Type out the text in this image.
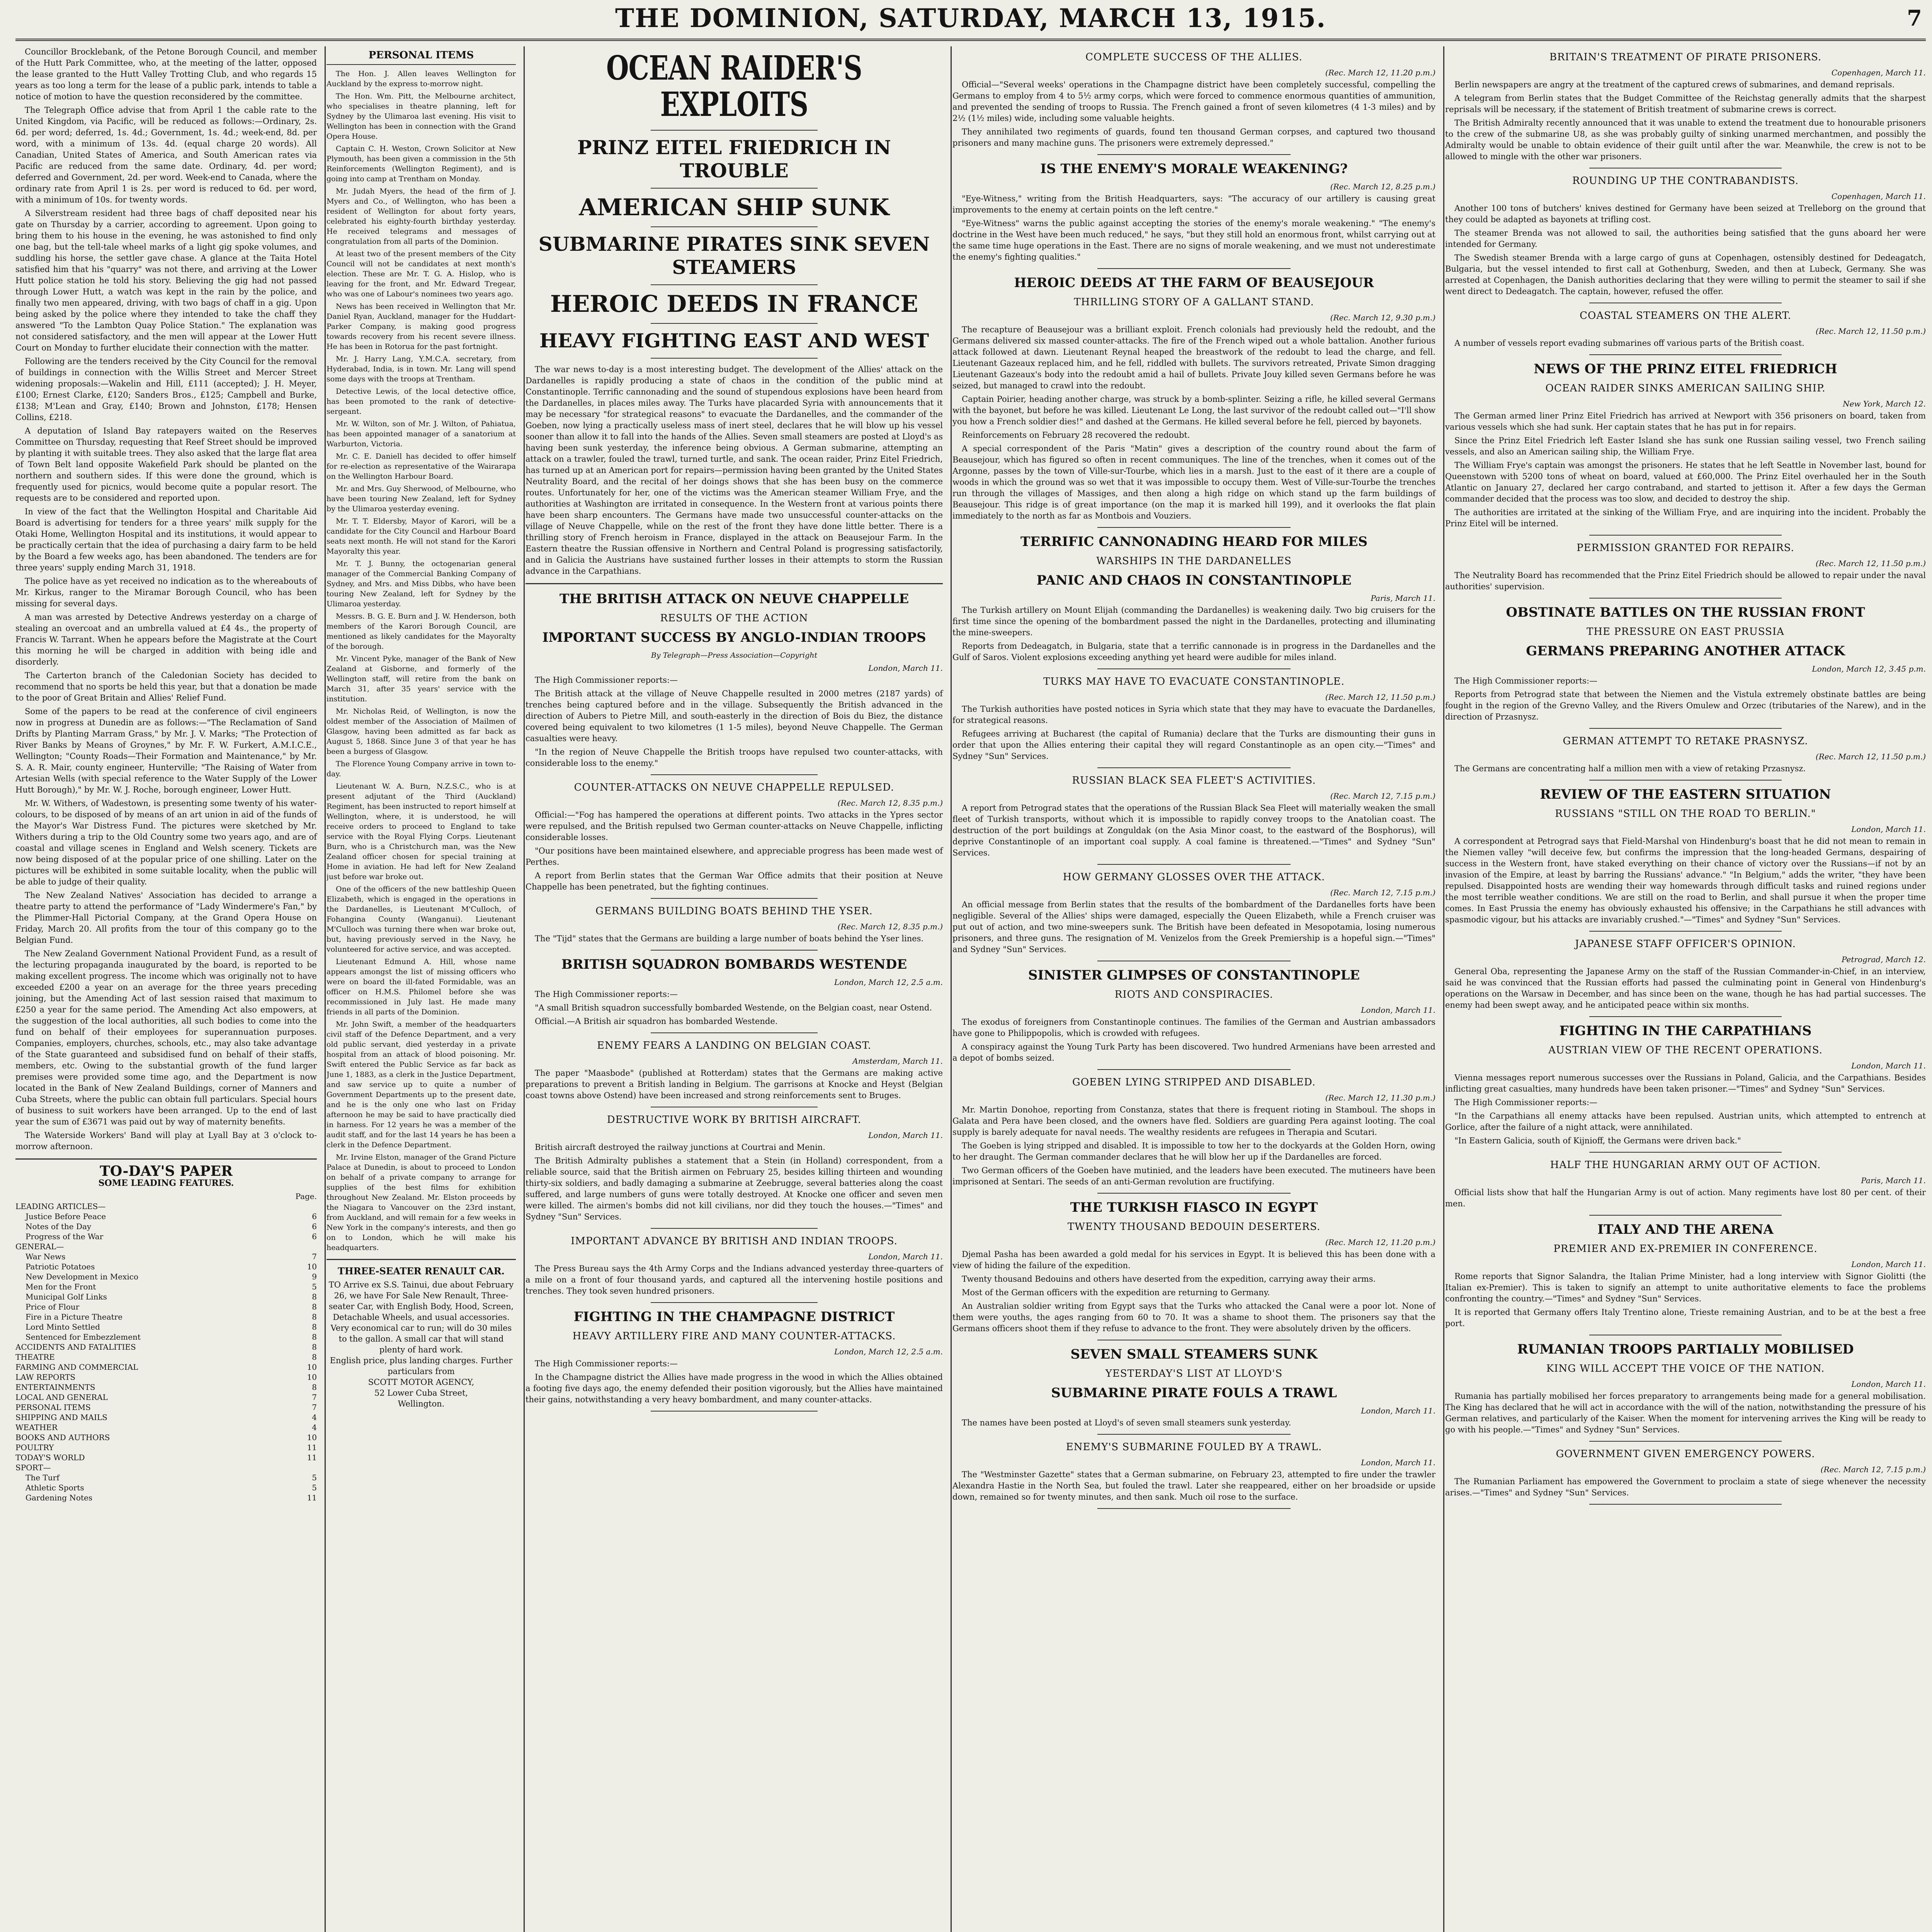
THE DOMINION, SATURDAY, MARCH 13, 1915.	7

Councillor Brocklebank, of the Petone Borough Council, and member of the Hutt Park Committee, who, at the meeting of the latter, opposed the lease granted to the Hutt Valley Trotting Club, and who regards 15 years as too long a term for the lease of a public park, intends to table a notice of motion to have the question reconsidered by the committee.

The Telegraph Office advise that from April 1 the cable rate to the United Kingdom, via Pacific, will be reduced as follows:—Ordinary, 2s. 6d. per word; deferred, 1s. 4d.; Government, 1s. 4d.; week-end, 8d. per word, with a minimum of 13s. 4d. (equal charge 20 words). All Canadian, United States of America, and South American rates via Pacific are reduced from the same date. Ordinary, 4d. per word; deferred and Government, 2d. per word. Week-end to Canada, where the ordinary rate from April 1 is 2s. per word is reduced to 6d. per word, with a minimum of 10s. for twenty words.

A Silverstream resident had three bags of chaff deposited near his gate on Thursday by a carrier, according to agreement. Upon going to bring them to his house in the evening, he was astonished to find only one bag, but the tell-tale wheel marks of a light gig spoke volumes, and suddling his horse, the settler gave chase. A glance at the Taita Hotel satisfied him that his "quarry" was not there, and arriving at the Lower Hutt police station he told his story. Believing the gig had not passed through Lower Hutt, a watch was kept in the rain by the police, and finally two men appeared, driving, with two bags of chaff in a gig. Upon being asked by the police where they intended to take the chaff they answered "To the Lambton Quay Police Station." The explanation was not considered satisfactory, and the men will appear at the Lower Hutt Court on Monday to further elucidate their connection with the matter.

Following are the tenders received by the City Council for the removal of buildings in connection with the Willis Street and Mercer Street widening proposals:—Wakelin and Hill, £111 (accepted); J. H. Meyer, £100; Ernest Clarke, £120; Sanders Bros., £125; Campbell and Burke, £138; M'Lean and Gray, £140; Brown and Johnston, £178; Hensen Collins, £218.

A deputation of Island Bay ratepayers waited on the Reserves Committee on Thursday, requesting that Reef Street should be improved by planting it with suitable trees. They also asked that the large flat area of Town Belt land opposite Wakefield Park should be planted on the northern and southern sides. If this were done the ground, which is frequently used for picnics, would become quite a popular resort. The requests are to be considered and reported upon.

In view of the fact that the Wellington Hospital and Charitable Aid Board is advertising for tenders for a three years' milk supply for the Otaki Home, Wellington Hospital and its institutions, it would appear to be practically certain that the idea of purchasing a dairy farm to be held by the Board a few weeks ago, has been abandoned. The tenders are for three years' supply ending March 31, 1918.

The police have as yet received no indication as to the whereabouts of Mr. Kirkus, ranger to the Miramar Borough Council, who has been missing for several days.

A man was arrested by Detective Andrews yesterday on a charge of stealing an overcoat and an umbrella valued at £4 4s., the property of Francis W. Tarrant. When he appears before the Magistrate at the Court this morning he will be charged in addition with being idle and disorderly.

The Carterton branch of the Caledonian Society has decided to recommend that no sports be held this year, but that a donation be made to the poor of Great Britain and Allies' Relief Fund.

Some of the papers to be read at the conference of civil engineers now in progress at Dunedin are as follows:—"The Reclamation of Sand Drifts by Planting Marram Grass," by Mr. J. V. Marks; "The Protection of River Banks by Means of Groynes," by Mr. F. W. Furkert, A.M.I.C.E., Wellington; "County Roads—Their Formation and Maintenance," by Mr. S. A. R. Mair, county engineer, Hunterville; "The Raising of Water from Artesian Wells (with special reference to the Water Supply of the Lower Hutt Borough)," by Mr. W. J. Roche, borough engineer, Lower Hutt.

Mr. W. Withers, of Wadestown, is presenting some twenty of his water-colours, to be disposed of by means of an art union in aid of the funds of the Mayor's War Distress Fund. The pictures were sketched by Mr. Withers during a trip to the Old Country some two years ago, and are of coastal and village scenes in England and Welsh scenery. Tickets are now being disposed of at the popular price of one shilling. Later on the pictures will be exhibited in some suitable locality, when the public will be able to judge of their quality.

The New Zealand Natives' Association has decided to arrange a theatre party to attend the performance of "Lady Windermere's Fan," by the Plimmer-Hall Pictorial Company, at the Grand Opera House on Friday, March 20. All profits from the tour of this company go to the Belgian Fund.

The New Zealand Government National Provident Fund, as a result of the lecturing propaganda inaugurated by the board, is reported to be making excellent progress. The income which was originally not to have exceeded £200 a year on an average for the three years preceding joining, but the Amending Act of last session raised that maximum to £250 a year for the same period. The Amending Act also empowers, at the suggestion of the local authorities, all such bodies to come into the fund on behalf of their employees for superannuation purposes. Companies, employers, churches, schools, etc., may also take advantage of the State guaranteed and subsidised fund on behalf of their staffs, members, etc. Owing to the substantial growth of the fund larger premises were provided some time ago, and the Department is now located in the Bank of New Zealand Buildings, corner of Manners and Cuba Streets, where the public can obtain full particulars. Special hours of business to suit workers have been arranged. Up to the end of last year the sum of £3671 was paid out by way of maternity benefits.

The Waterside Workers' Band will play at Lyall Bay at 3 o'clock to-morrow afternoon.

TO-DAY'S PAPER
SOME LEADING FEATURES.
Page.
LEADING ARTICLES—
Justice Before Peace	6
Notes of the Day	6
Progress of the War	6
GENERAL—
War News	7
Patriotic Potatoes	10
New Development in Mexico	9
Men for the Front	5
Municipal Golf Links	8
Price of Flour	8
Fire in a Picture Theatre	8
Lord Minto Settled	8
Sentenced for Embezzlement	8
ACCIDENTS AND FATALITIES	8
THEATRE	8
FARMING AND COMMERCIAL	10
LAW REPORTS	10
ENTERTAINMENTS	8
LOCAL AND GENERAL	7
PERSONAL ITEMS	7
SHIPPING AND MAILS	4
WEATHER	4
BOOKS AND AUTHORS	10
POULTRY	11
TODAY'S WORLD	11
SPORT—
The Turf	5
Athletic Sports	5
Gardening Notes	11
PERSONAL ITEMS

The Hon. J. Allen leaves Wellington for Auckland by the express to-morrow night.

The Hon. Wm. Pitt, the Melbourne architect, who specialises in theatre planning, left for Sydney by the Ulimaroa last evening. His visit to Wellington has been in connection with the Grand Opera House.

Captain C. H. Weston, Crown Solicitor at New Plymouth, has been given a commission in the 5th Reinforcements (Wellington Regiment), and is going into camp at Trentham on Monday.

Mr. Judah Myers, the head of the firm of J. Myers and Co., of Wellington, who has been a resident of Wellington for about forty years, celebrated his eighty-fourth birthday yesterday. He received telegrams and messages of congratulation from all parts of the Dominion.

At least two of the present members of the City Council will not be candidates at next month's election. These are Mr. T. G. A. Hislop, who is leaving for the front, and Mr. Edward Tregear, who was one of Labour's nominees two years ago.

News has been received in Wellington that Mr. Daniel Ryan, Auckland, manager for the Huddart-Parker Company, is making good progress towards recovery from his recent severe illness. He has been in Rotorua for the past fortnight.

Mr. J. Harry Lang, Y.M.C.A. secretary, from Hyderabad, India, is in town. Mr. Lang will spend some days with the troops at Trentham.

Detective Lewis, of the local detective office, has been promoted to the rank of detective-sergeant.

Mr. W. Wilton, son of Mr. J. Wilton, of Pahiatua, has been appointed manager of a sanatorium at Warburton, Victoria.

Mr. C. E. Daniell has decided to offer himself for re-election as representative of the Wairarapa on the Wellington Harbour Board.

Mr. and Mrs. Guy Sherwood, of Melbourne, who have been touring New Zealand, left for Sydney by the Ulimaroa yesterday evening.

Mr. T. T. Eldersby, Mayor of Karori, will be a candidate for the City Council and Harbour Board seats next month. He will not stand for the Karori Mayoralty this year.

Mr. T. J. Bunny, the octogenarian general manager of the Commercial Banking Company of Sydney, and Mrs. and Miss Dibbs, who have been touring New Zealand, left for Sydney by the Ulimaroa yesterday.

Messrs. B. G. E. Burn and J. W. Henderson, both members of the Karori Borough Council, are mentioned as likely candidates for the Mayoralty of the borough.

Mr. Vincent Pyke, manager of the Bank of New Zealand at Gisborne, and formerly of the Wellington staff, will retire from the bank on March 31, after 35 years' service with the institution.

Mr. Nicholas Reid, of Wellington, is now the oldest member of the Association of Mailmen of Glasgow, having been admitted as far back as August 5, 1868. Since June 3 of that year he has been a burgess of Glasgow.

The Florence Young Company arrive in town to-day.

Lieutenant W. A. Burn, N.Z.S.C., who is at present adjutant of the Third (Auckland) Regiment, has been instructed to report himself at Wellington, where, it is understood, he will receive orders to proceed to England to take service with the Royal Flying Corps. Lieutenant Burn, who is a Christchurch man, was the New Zealand officer chosen for special training at Home in aviation. He had left for New Zealand just before war broke out.

One of the officers of the new battleship Queen Elizabeth, which is engaged in the operations in the Dardanelles, is Lieutenant M'Culloch, of Fohangina County (Wanganui). Lieutenant M'Culloch was turning there when war broke out, but, having previously served in the Navy, he volunteered for active service, and was accepted.

Lieutenant Edmund A. Hill, whose name appears amongst the list of missing officers who were on board the ill-fated Formidable, was an officer on H.M.S. Philomel before she was recommissioned in July last. He made many friends in all parts of the Dominion.

Mr. John Swift, a member of the headquarters civil staff of the Defence Department, and a very old public servant, died yesterday in a private hospital from an attack of blood poisoning. Mr. Swift entered the Public Service as far back as June 1, 1883, as a clerk in the Justice Department, and saw service up to quite a number of Government Departments up to the present date, and he is the only one who last on Friday afternoon he may be said to have practically died in harness. For 12 years he was a member of the audit staff, and for the last 14 years he has been a clerk in the Defence Department.

Mr. Irvine Elston, manager of the Grand Picture Palace at Dunedin, is about to proceed to London on behalf of a private company to arrange for supplies of the best films for exhibition throughout New Zealand. Mr. Elston proceeds by the Niagara to Vancouver on the 23rd instant, from Auckland, and will remain for a few weeks in New York in the company's interests, and then go on to London, which he will make his headquarters.

THREE-SEATER RENAULT CAR.
TO Arrive ex S.S. Tainui, due about February 26, we have For Sale New Renault, Three-seater Car, with English Body, Hood, Screen, Detachable Wheels, and usual accessories.
Very economical car to run; will do 30 miles to the gallon. A small car that will stand plenty of hard work.
English price, plus landing charges. Further particulars from
SCOTT MOTOR AGENCY,
52 Lower Cuba Street,
Wellington.
OCEAN RAIDER'S EXPLOITS
PRINZ EITEL FRIEDRICH IN TROUBLE
AMERICAN SHIP SUNK
SUBMARINE PIRATES SINK SEVEN STEAMERS
HEROIC DEEDS IN FRANCE
HEAVY FIGHTING EAST AND WEST

The war news to-day is a most interesting budget. The development of the Allies' attack on the Dardanelles is rapidly producing a state of chaos in the condition of the public mind at Constantinople. Terrific cannonading and the sound of stupendous explosions have been heard from the Dardanelles, in places miles away. The Turks have placarded Syria with announcements that it may be necessary "for strategical reasons" to evacuate the Dardanelles, and the commander of the Goeben, now lying a practically useless mass of inert steel, declares that he will blow up his vessel sooner than allow it to fall into the hands of the Allies. Seven small steamers are posted at Lloyd's as having been sunk yesterday, the inference being obvious. A German submarine, attempting an attack on a trawler, fouled the trawl, turned turtle, and sank. The ocean raider, Prinz Eitel Friedrich, has turned up at an American port for repairs—permission having been granted by the United States Neutrality Board, and the recital of her doings shows that she has been busy on the commerce routes. Unfortunately for her, one of the victims was the American steamer William Frye, and the authorities at Washington are irritated in consequence. In the Western front at various points there have been sharp encounters. The Germans have made two unsuccessful counter-attacks on the village of Neuve Chappelle, while on the rest of the front they have done little better. There is a thrilling story of French heroism in France, displayed in the attack on Beausejour Farm. In the Eastern theatre the Russian offensive in Northern and Central Poland is progressing satisfactorily, and in Galicia the Austrians have sustained further losses in their attempts to storm the Russian advance in the Carpathians.

THE BRITISH ATTACK ON NEUVE CHAPPELLE
RESULTS OF THE ACTION
IMPORTANT SUCCESS BY ANGLO-INDIAN TROOPS
By Telegraph—Press Association—Copyright
London, March 11.

The High Commissioner reports:—

The British attack at the village of Neuve Chappelle resulted in 2000 metres (2187 yards) of trenches being captured before and in the village. Subsequently the British advanced in the direction of Aubers to Pietre Mill, and south-easterly in the direction of Bois du Biez, the distance covered being equivalent to two kilometres (1 1-5 miles), beyond Neuve Chappelle. The German casualties were heavy.

"In the region of Neuve Chappelle the British troops have repulsed two counter-attacks, with considerable loss to the enemy."

COUNTER-ATTACKS ON NEUVE CHAPPELLE REPULSED.
(Rec. March 12, 8.35 p.m.)

Official:—"Fog has hampered the operations at different points. Two attacks in the Ypres sector were repulsed, and the British repulsed two German counter-attacks on Neuve Chappelle, inflicting considerable losses.

"Our positions have been maintained elsewhere, and appreciable progress has been made west of Perthes.

A report from Berlin states that the German War Office admits that their position at Neuve Chappelle has been penetrated, but the fighting continues.

GERMANS BUILDING BOATS BEHIND THE YSER.
(Rec. March 12, 8.35 p.m.)

The "Tijd" states that the Germans are building a large number of boats behind the Yser lines.

BRITISH SQUADRON BOMBARDS WESTENDE
London, March 12, 2.5 a.m.

The High Commissioner reports:—

"A small British squadron successfully bombarded Westende, on the Belgian coast, near Ostend.

Official.—A British air squadron has bombarded Westende.

ENEMY FEARS A LANDING ON BELGIAN COAST.
Amsterdam, March 11.

The paper "Maasbode" (published at Rotterdam) states that the Germans are making active preparations to prevent a British landing in Belgium. The garrisons at Knocke and Heyst (Belgian coast towns above Ostend) have been increased and strong reinforcements sent to Bruges.

DESTRUCTIVE WORK BY BRITISH AIRCRAFT.
London, March 11.

British aircraft destroyed the railway junctions at Courtrai and Menin.

The British Admiralty publishes a statement that a Stein (in Holland) correspondent, from a reliable source, said that the British airmen on February 25, besides killing thirteen and wounding thirty-six soldiers, and badly damaging a submarine at Zeebrugge, several batteries along the coast suffered, and large numbers of guns were totally destroyed. At Knocke one officer and seven men were killed. The airmen's bombs did not kill civilians, nor did they touch the houses.—"Times" and Sydney "Sun" Services.

IMPORTANT ADVANCE BY BRITISH AND INDIAN TROOPS.
London, March 11.

The Press Bureau says the 4th Army Corps and the Indians advanced yesterday three-quarters of a mile on a front of four thousand yards, and captured all the intervening hostile positions and trenches. They took seven hundred prisoners.

FIGHTING IN THE CHAMPAGNE DISTRICT
HEAVY ARTILLERY FIRE AND MANY COUNTER-ATTACKS.
London, March 12, 2.5 a.m.

The High Commissioner reports:—

In the Champagne district the Allies have made progress in the wood in which the Allies obtained a footing five days ago, the enemy defended their position vigorously, but the Allies have maintained their gains, notwithstanding a very heavy bombardment, and many counter-attacks.

COMPLETE SUCCESS OF THE ALLIES.
(Rec. March 12, 11.20 p.m.)

Official—"Several weeks' operations in the Champagne district have been completely successful, compelling the Germans to employ from 4 to 5½ army corps, which were forced to commence enormous quantities of ammunition, and prevented the sending of troops to Russia. The French gained a front of seven kilometres (4 1-3 miles) and by 2½ (1½ miles) wide, including some valuable heights.

They annihilated two regiments of guards, found ten thousand German corpses, and captured two thousand prisoners and many machine guns. The prisoners were extremely depressed."

IS THE ENEMY'S MORALE WEAKENING?
(Rec. March 12, 8.25 p.m.)

"Eye-Witness," writing from the British Headquarters, says: "The accuracy of our artillery is causing great improvements to the enemy at certain points on the left centre."

"Eye-Witness" warns the public against accepting the stories of the enemy's morale weakening." "The enemy's doctrine in the West have been much reduced," he says, "but they still hold an enormous front, whilst carrying out at the same time huge operations in the East. There are no signs of morale weakening, and we must not underestimate the enemy's fighting qualities."

HEROIC DEEDS AT THE FARM OF BEAUSEJOUR
THRILLING STORY OF A GALLANT STAND.
(Rec. March 12, 9.30 p.m.)

The recapture of Beausejour was a brilliant exploit. French colonials had previously held the redoubt, and the Germans delivered six massed counter-attacks. The fire of the French wiped out a whole battalion. Another furious attack followed at dawn. Lieutenant Reynal heaped the breastwork of the redoubt to lead the charge, and fell. Lieutenant Gazeaux replaced him, and he fell, riddled with bullets. The survivors retreated, Private Simon dragging Lieutenant Gazeaux's body into the redoubt amid a hail of bullets. Private Jouy killed seven Germans before he was seized, but managed to crawl into the redoubt.

Captain Poirier, heading another charge, was struck by a bomb-splinter. Seizing a rifle, he killed several Germans with the bayonet, but before he was killed. Lieutenant Le Long, the last survivor of the redoubt called out—"I'll show you how a French soldier dies!" and dashed at the Germans. He killed several before he fell, pierced by bayonets.

Reinforcements on February 28 recovered the redoubt.

A special correspondent of the Paris "Matin" gives a description of the country round about the farm of Beausejour, which has figured so often in recent communiques. The line of the trenches, when it comes out of the Argonne, passes by the town of Ville-sur-Tourbe, which lies in a marsh. Just to the east of it there are a couple of woods in which the ground was so wet that it was impossible to occupy them. West of Ville-sur-Tourbe the trenches run through the villages of Massiges, and then along a high ridge on which stand up the farm buildings of Beausejour. This ridge is of great importance (on the map it is marked hill 199), and it overlooks the flat plain immediately to the north as far as Montbois and Vouziers.

TERRIFIC CANNONADING HEARD FOR MILES
WARSHIPS IN THE DARDANELLES
PANIC AND CHAOS IN CONSTANTINOPLE
Paris, March 11.

The Turkish artillery on Mount Elijah (commanding the Dardanelles) is weakening daily. Two big cruisers for the first time since the opening of the bombardment passed the night in the Dardanelles, protecting and illuminating the mine-sweepers.

Reports from Dedeagatch, in Bulgaria, state that a terrific cannonade is in progress in the Dardanelles and the Gulf of Saros. Violent explosions exceeding anything yet heard were audible for miles inland.

TURKS MAY HAVE TO EVACUATE CONSTANTINOPLE.
(Rec. March 12, 11.50 p.m.)

The Turkish authorities have posted notices in Syria which state that they may have to evacuate the Dardanelles, for strategical reasons.

Refugees arriving at Bucharest (the capital of Rumania) declare that the Turks are dismounting their guns in order that upon the Allies entering their capital they will regard Constantinople as an open city.—"Times" and Sydney "Sun" Services.

RUSSIAN BLACK SEA FLEET'S ACTIVITIES.
(Rec. March 12, 7.15 p.m.)

A report from Petrograd states that the operations of the Russian Black Sea Fleet will materially weaken the small fleet of Turkish transports, without which it is impossible to rapidly convey troops to the Anatolian coast. The destruction of the port buildings at Zonguldak (on the Asia Minor coast, to the eastward of the Bosphorus), will deprive Constantinople of an important coal supply. A coal famine is threatened.—"Times" and Sydney "Sun" Services.

HOW GERMANY GLOSSES OVER THE ATTACK.
(Rec. March 12, 7.15 p.m.)

An official message from Berlin states that the results of the bombardment of the Dardanelles forts have been negligible. Several of the Allies' ships were damaged, especially the Queen Elizabeth, while a French cruiser was put out of action, and two mine-sweepers sunk. The British have been defeated in Mesopotamia, losing numerous prisoners, and three guns. The resignation of M. Venizelos from the Greek Premiership is a hopeful sign.—"Times" and Sydney "Sun" Services.

SINISTER GLIMPSES OF CONSTANTINOPLE
RIOTS AND CONSPIRACIES.
London, March 11.

The exodus of foreigners from Constantinople continues. The families of the German and Austrian ambassadors have gone to Philippopolis, which is crowded with refugees.

A conspiracy against the Young Turk Party has been discovered. Two hundred Armenians have been arrested and a depot of bombs seized.

GOEBEN LYING STRIPPED AND DISABLED.
(Rec. March 12, 11.30 p.m.)

Mr. Martin Donohoe, reporting from Constanza, states that there is frequent rioting in Stamboul. The shops in Galata and Pera have been closed, and the owners have fled. Soldiers are guarding Pera against looting. The coal supply is barely adequate for naval needs. The wealthy residents are refugees in Therapia and Scutari.

The Goeben is lying stripped and disabled. It is impossible to tow her to the dockyards at the Golden Horn, owing to her draught. The German commander declares that he will blow her up if the Dardanelles are forced.

Two German officers of the Goeben have mutinied, and the leaders have been executed. The mutineers have been imprisoned at Sentari. The seeds of an anti-German revolution are fructifying.

THE TURKISH FIASCO IN EGYPT
TWENTY THOUSAND BEDOUIN DESERTERS.
(Rec. March 12, 11.20 p.m.)

Djemal Pasha has been awarded a gold medal for his services in Egypt. It is believed this has been done with a view of hiding the failure of the expedition.

Twenty thousand Bedouins and others have deserted from the expedition, carrying away their arms.

Most of the German officers with the expedition are returning to Germany.

An Australian soldier writing from Egypt says that the Turks who attacked the Canal were a poor lot. None of them were youths, the ages ranging from 60 to 70. It was a shame to shoot them. The prisoners say that the Germans officers shoot them if they refuse to advance to the front. They were absolutely driven by the officers.

SEVEN SMALL STEAMERS SUNK
YESTERDAY'S LIST AT LLOYD'S
SUBMARINE PIRATE FOULS A TRAWL
London, March 11.

The names have been posted at Lloyd's of seven small steamers sunk yesterday.

ENEMY'S SUBMARINE FOULED BY A TRAWL.
London, March 11.

The "Westminster Gazette" states that a German submarine, on February 23, attempted to fire under the trawler Alexandra Hastie in the North Sea, but fouled the trawl. Later she reappeared, either on her broadside or upside down, remained so for twenty minutes, and then sank. Much oil rose to the surface.

BRITAIN'S TREATMENT OF PIRATE PRISONERS.
Copenhagen, March 11.

Berlin newspapers are angry at the treatment of the captured crews of submarines, and demand reprisals.

A telegram from Berlin states that the Budget Committee of the Reichstag generally admits that the sharpest reprisals will be necessary, if the statement of British treatment of submarine crews is correct.

The British Admiralty recently announced that it was unable to extend the treatment due to honourable prisoners to the crew of the submarine U8, as she was probably guilty of sinking unarmed merchantmen, and possibly the Admiralty would be unable to obtain evidence of their guilt until after the war. Meanwhile, the crew is not to be allowed to mingle with the other war prisoners.

ROUNDING UP THE CONTRABANDISTS.
Copenhagen, March 11.

Another 100 tons of butchers' knives destined for Germany have been seized at Trelleborg on the ground that they could be adapted as bayonets at trifling cost.

The steamer Brenda was not allowed to sail, the authorities being satisfied that the guns aboard her were intended for Germany.

The Swedish steamer Brenda with a large cargo of guns at Copenhagen, ostensibly destined for Dedeagatch, Bulgaria, but the vessel intended to first call at Gothenburg, Sweden, and then at Lubeck, Germany. She was arrested at Copenhagen, the Danish authorities declaring that they were willing to permit the steamer to sail if she went direct to Dedeagatch. The captain, however, refused the offer.

COASTAL STEAMERS ON THE ALERT.
(Rec. March 12, 11.50 p.m.)

A number of vessels report evading submarines off various parts of the British coast.

NEWS OF THE PRINZ EITEL FRIEDRICH
OCEAN RAIDER SINKS AMERICAN SAILING SHIP.
New York, March 12.

The German armed liner Prinz Eitel Friedrich has arrived at Newport with 356 prisoners on board, taken from various vessels which she had sunk. Her captain states that he has put in for repairs.

Since the Prinz Eitel Friedrich left Easter Island she has sunk one Russian sailing vessel, two French sailing vessels, and also an American sailing ship, the William Frye.

The William Frye's captain was amongst the prisoners. He states that he left Seattle in November last, bound for Queenstown with 5200 tons of wheat on board, valued at £60,000. The Prinz Eitel overhauled her in the South Atlantic on January 27, declared her cargo contraband, and started to jettison it. After a few days the German commander decided that the process was too slow, and decided to destroy the ship.

The authorities are irritated at the sinking of the William Frye, and are inquiring into the incident. Probably the Prinz Eitel will be interned.

PERMISSION GRANTED FOR REPAIRS.
(Rec. March 12, 11.50 p.m.)

The Neutrality Board has recommended that the Prinz Eitel Friedrich should be allowed to repair under the naval authorities' supervision.

OBSTINATE BATTLES ON THE RUSSIAN FRONT
THE PRESSURE ON EAST PRUSSIA
GERMANS PREPARING ANOTHER ATTACK
London, March 12, 3.45 p.m.

The High Commissioner reports:—

Reports from Petrograd state that between the Niemen and the Vistula extremely obstinate battles are being fought in the region of the Grevno Valley, and the Rivers Omulew and Orzec (tributaries of the Narew), and in the direction of Przasnysz.

GERMAN ATTEMPT TO RETAKE PRASNYSZ.
(Rec. March 12, 11.50 p.m.)

The Germans are concentrating half a million men with a view of retaking Przasnysz.

REVIEW OF THE EASTERN SITUATION
RUSSIANS "STILL ON THE ROAD TO BERLIN."
London, March 11.

A correspondent at Petrograd says that Field-Marshal von Hindenburg's boast that he did not mean to remain in the Niemen valley "will deceive few, but confirms the impression that the long-headed Germans, despairing of success in the Western front, have staked everything on their chance of victory over the Russians—if not by an invasion of the Empire, at least by barring the Russians' advance." "In Belgium," adds the writer, "they have been repulsed. Disappointed hosts are wending their way homewards through difficult tasks and ruined regions under the most terrible weather conditions. We are still on the road to Berlin, and shall pursue it when the proper time comes. In East Prussia the enemy has obviously exhausted his offensive; in the Carpathians he still advances with spasmodic vigour, but his attacks are invariably crushed."—"Times" and Sydney "Sun" Services.

JAPANESE STAFF OFFICER'S OPINION.
Petrograd, March 12.

General Oba, representing the Japanese Army on the staff of the Russian Commander-in-Chief, in an interview, said he was convinced that the Russian efforts had passed the culminating point in General von Hindenburg's operations on the Warsaw in December, and has since been on the wane, though he has had partial successes. The enemy had been swept away, and he anticipated peace within six months.

FIGHTING IN THE CARPATHIANS
AUSTRIAN VIEW OF THE RECENT OPERATIONS.
London, March 11.

Vienna messages report numerous successes over the Russians in Poland, Galicia, and the Carpathians. Besides inflicting great casualties, many hundreds have been taken prisoner.—"Times" and Sydney "Sun" Services.

The High Commissioner reports:—

"In the Carpathians all enemy attacks have been repulsed. Austrian units, which attempted to entrench at Gorlice, after the failure of a night attack, were annihilated.

"In Eastern Galicia, south of Kijnioff, the Germans were driven back."

HALF THE HUNGARIAN ARMY OUT OF ACTION.
Paris, March 11.

Official lists show that half the Hungarian Army is out of action. Many regiments have lost 80 per cent. of their men.

ITALY AND THE ARENA
PREMIER AND EX-PREMIER IN CONFERENCE.
London, March 11.

Rome reports that Signor Salandra, the Italian Prime Minister, had a long interview with Signor Giolitti (the Italian ex-Premier). This is taken to signify an attempt to unite authoritative elements to face the problems confronting the country.—"Times" and Sydney "Sun" Services.

It is reported that Germany offers Italy Trentino alone, Trieste remaining Austrian, and to be at the best a free port.

RUMANIAN TROOPS PARTIALLY MOBILISED
KING WILL ACCEPT THE VOICE OF THE NATION.
London, March 11.

Rumania has partially mobilised her forces preparatory to arrangements being made for a general mobilisation. The King has declared that he will act in accordance with the will of the nation, notwithstanding the pressure of his German relatives, and particularly of the Kaiser. When the moment for intervening arrives the King will be ready to go with his people.—"Times" and Sydney "Sun" Services.

GOVERNMENT GIVEN EMERGENCY POWERS.
(Rec. March 12, 7.15 p.m.)

The Rumanian Parliament has empowered the Government to proclaim a state of siege whenever the necessity arises.—"Times" and Sydney "Sun" Services.
